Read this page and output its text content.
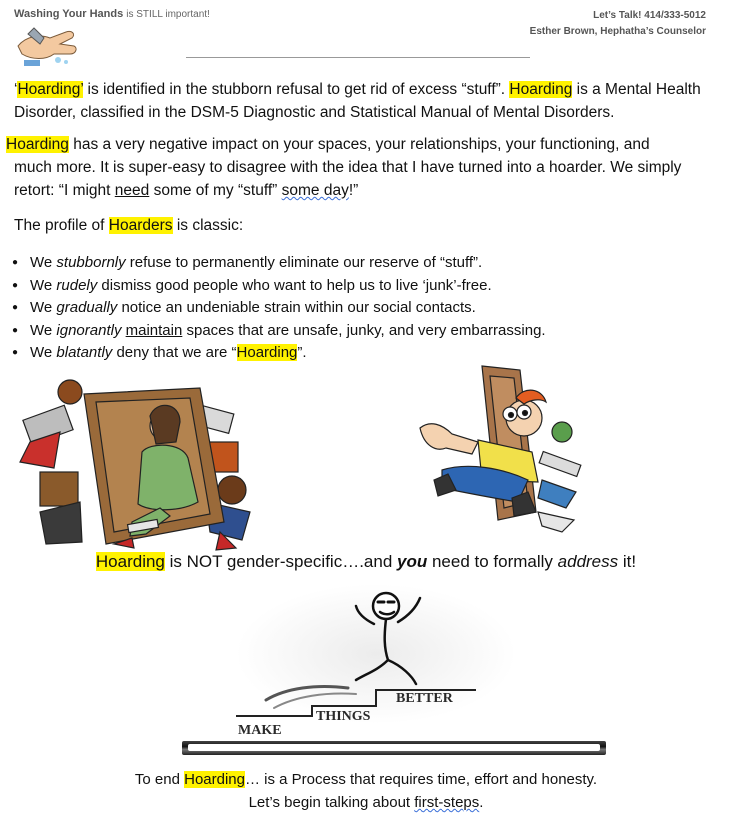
Washing Your Hands is STILL important!	Let’s Talk! 414/333-5012
Esther Brown, Hephatha’s Counselor
‘Hoarding’ is identified in the stubborn refusal to get rid of excess “stuff”. Hoarding is a Mental Health Disorder, classified in the DSM-5 Diagnostic and Statistical Manual of Mental Disorders.
Hoarding has a very negative impact on your spaces, your relationships, your functioning, and
much more. It is super-easy to disagree with the idea that I have turned into a hoarder. We simply retort: “I might need some of my “stuff” some day!”
The profile of Hoarders is classic:
● We stubbornly refuse to permanently eliminate our reserve of “stuff”.
● We rudely dismiss good people who want to help us to live ‘junk’-free.
● We gradually notice an undeniable strain within our social contacts.
● We ignorantly maintain spaces that are unsafe, junky, and very embarrassing.
● We blatantly deny that we are “Hoarding”.
Hoarding is NOT gender-specific….and you need to formally address it!
BETTER
THINGS
MAKE
To end Hoarding… is a Process that requires time, effort and honesty.
Let’s begin talking about first-steps.
